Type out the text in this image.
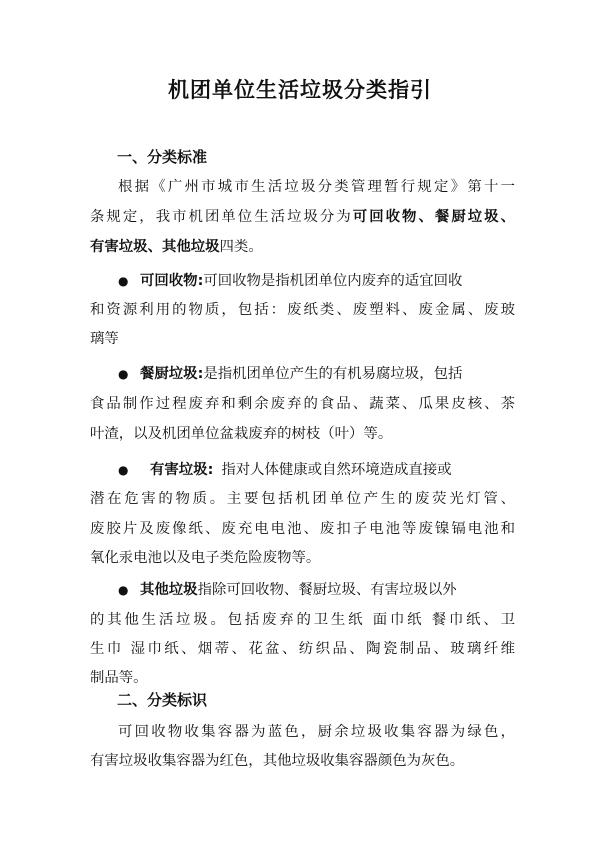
机团单位生活垃圾分类指引
一、分类标准
根据《广州市城市生活垃圾分类管理暂行规定》第十一
条规定，我市机团单位生活垃圾分为可回收物、餐厨垃圾、
有害垃圾、其他垃圾四类。
● 可回收物:可回收物是指机团单位内废弃的适宜回收
和资源利用的物质，包括：废纸类、废塑料、废金属、废玻
璃等
● 餐厨垃圾:是指机团单位产生的有机易腐垃圾，包括
食品制作过程废弃和剩余废弃的食品、蔬菜、瓜果皮核、茶
叶渣，以及机团单位盆栽废弃的树枝（叶）等。
● 有害垃圾: 指对人体健康或自然环境造成直接或
潜在危害的物质。主要包括机团单位产生的废荧光灯管、
废胶片及废像纸、废充电电池、废扣子电池等废镍镉电池和
氧化汞电池以及电子类危险废物等。
● 其他垃圾指除可回收物、餐厨垃圾、有害垃圾以外
的其他生活垃圾。包括废弃的卫生纸 面巾纸 餐巾纸、卫
生巾 湿巾纸、烟蒂、花盆、纺织品、陶瓷制品、玻璃纤维
制品等。
二、分类标识
可回收物收集容器为蓝色，厨余垃圾收集容器为绿色，
有害垃圾收集容器为红色，其他垃圾收集容器颜色为灰色。
